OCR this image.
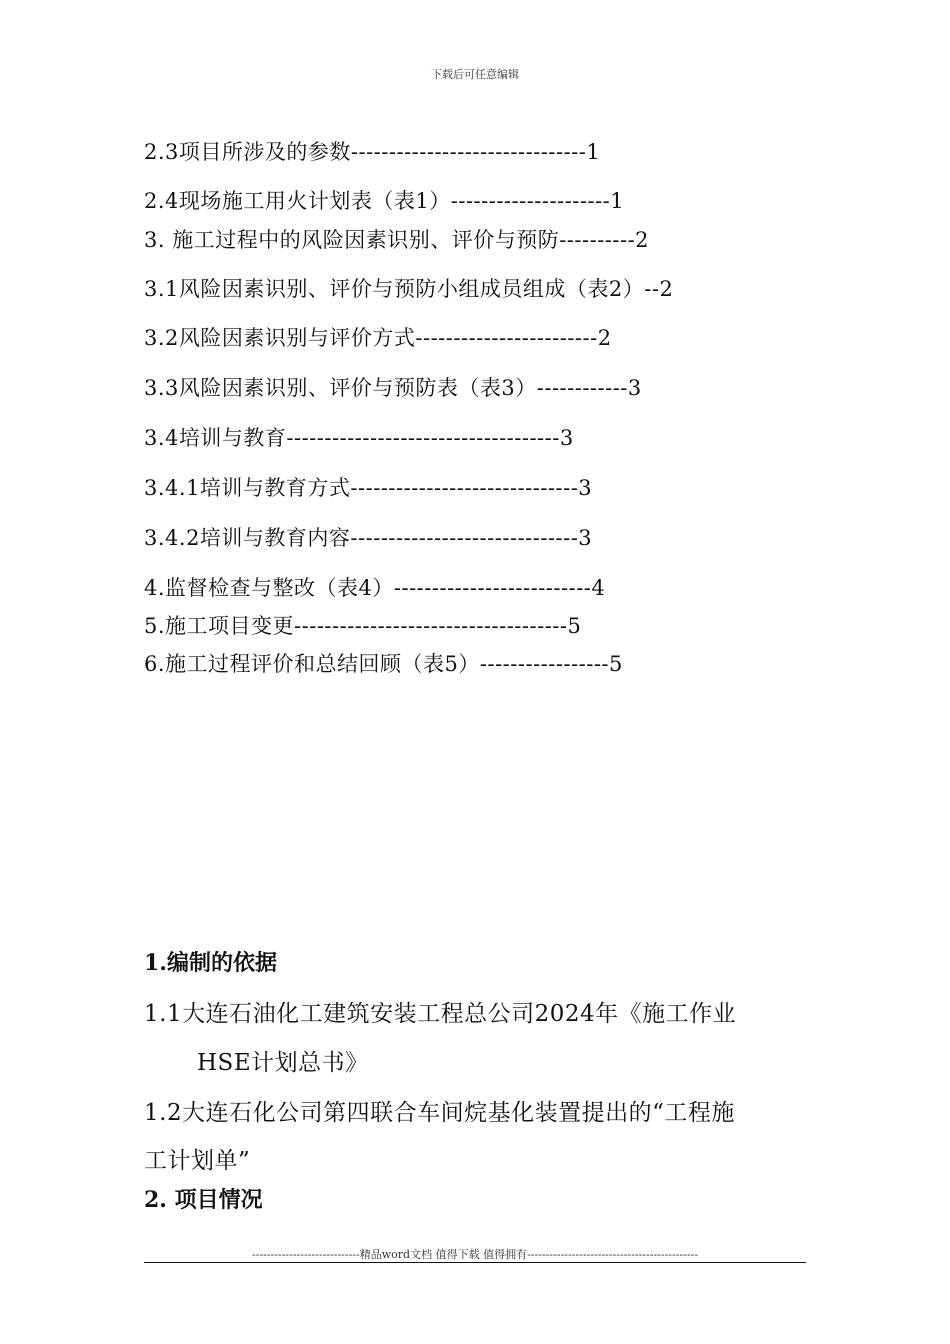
下载后可任意编辑
2.3项目所涉及的参数-------------------------------1
2.4现场施工用火计划表（表1）---------------------1
3. 施工过程中的风险因素识别、评价与预防----------2
3.1风险因素识别、评价与预防小组成员组成（表2）--2
3.2风险因素识别与评价方式------------------------2
3.3风险因素识别、评价与预防表（表3）------------3
3.4培训与教育------------------------------------3
3.4.1培训与教育方式------------------------------3
3.4.2培训与教育内容------------------------------3
4.监督检查与整改（表4）--------------------------4
5.施工项目变更------------------------------------5
6.施工过程评价和总结回顾（表5）-----------------5
1.编制的依据
1.1大连石油化工建筑安装工程总公司2024年《施工作业
HSE计划总书》
1.2大连石化公司第四联合车间烷基化装置提出的“工程施
工计划单”
2. 项目情况
-----------------------------精品word文档 值得下载 值得拥有----------------------------------------------
